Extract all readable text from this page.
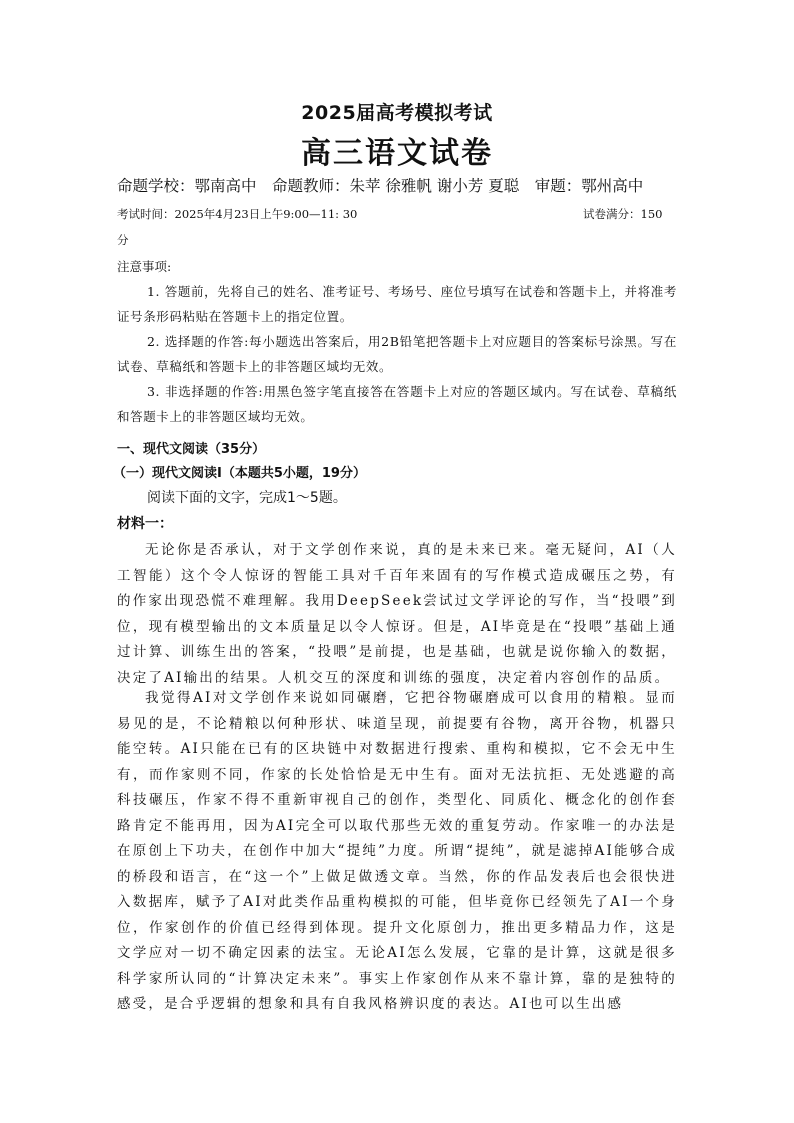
2025届高考模拟考试
高三语文试卷
命题学校：鄂南高中　命题教师：朱苹 徐雅帆 谢小芳 夏聪　审题：鄂州高中
考试时间：2025年4月23日上午9:00—11: 30	试卷满分：150
分
注意事项:

1. 答题前，先将自己的姓名、准考证号、考场号、座位号填写在试卷和答题卡上，并将准考证号条形码粘贴在答题卡上的指定位置。

2. 选择题的作答:每小题选出答案后，用2B铅笔把答题卡上对应题目的答案标号涂黑。写在试卷、草稿纸和答题卡上的非答题区域均无效。

3. 非选择题的作答:用黑色签字笔直接答在答题卡上对应的答题区域内。写在试卷、草稿纸和答题卡上的非答题区域均无效。

一、现代文阅读（35分）
（一）现代文阅读Ⅰ（本题共5小题，19分）
阅读下面的文字，完成1～5题。
材料一：

无论你是否承认，对于文学创作来说，真的是未来已来。毫无疑问，AI（人工智能）这个令人惊讶的智能工具对千百年来固有的写作模式造成碾压之势，有的作家出现恐慌不难理解。我用DeepSeek尝试过文学评论的写作，当“投喂”到位，现有模型输出的文本质量足以令人惊讶。但是，AI毕竟是在“投喂”基础上通过计算、训练生出的答案，“投喂”是前提，也是基础，也就是说你输入的数据，决定了AI输出的结果。人机交互的深度和训练的强度，决定着内容创作的品质。

我觉得AI对文学创作来说如同碾磨，它把谷物碾磨成可以食用的精粮。显而易见的是，不论精粮以何种形状、味道呈现，前提要有谷物，离开谷物，机器只能空转。AI只能在已有的区块链中对数据进行搜索、重构和模拟，它不会无中生有，而作家则不同，作家的长处恰恰是无中生有。面对无法抗拒、无处逃避的高科技碾压，作家不得不重新审视自己的创作，类型化、同质化、概念化的创作套路肯定不能再用，因为AI完全可以取代那些无效的重复劳动。作家唯一的办法是在原创上下功夫，在创作中加大“提纯”力度。所谓“提纯”，就是滤掉AI能够合成的桥段和语言，在“这一个”上做足做透文章。当然，你的作品发表后也会很快进入数据库，赋予了AI对此类作品重构模拟的可能，但毕竟你已经领先了AI一个身位，作家创作的价值已经得到体现。提升文化原创力，推出更多精品力作，这是文学应对一切不确定因素的法宝。无论AI怎么发展，它靠的是计算，这就是很多科学家所认同的“计算决定未来”。事实上作家创作从来不靠计算，靠的是独特的感受，是合乎逻辑的想象和具有自我风格辨识度的表达。AI也可以生出感
